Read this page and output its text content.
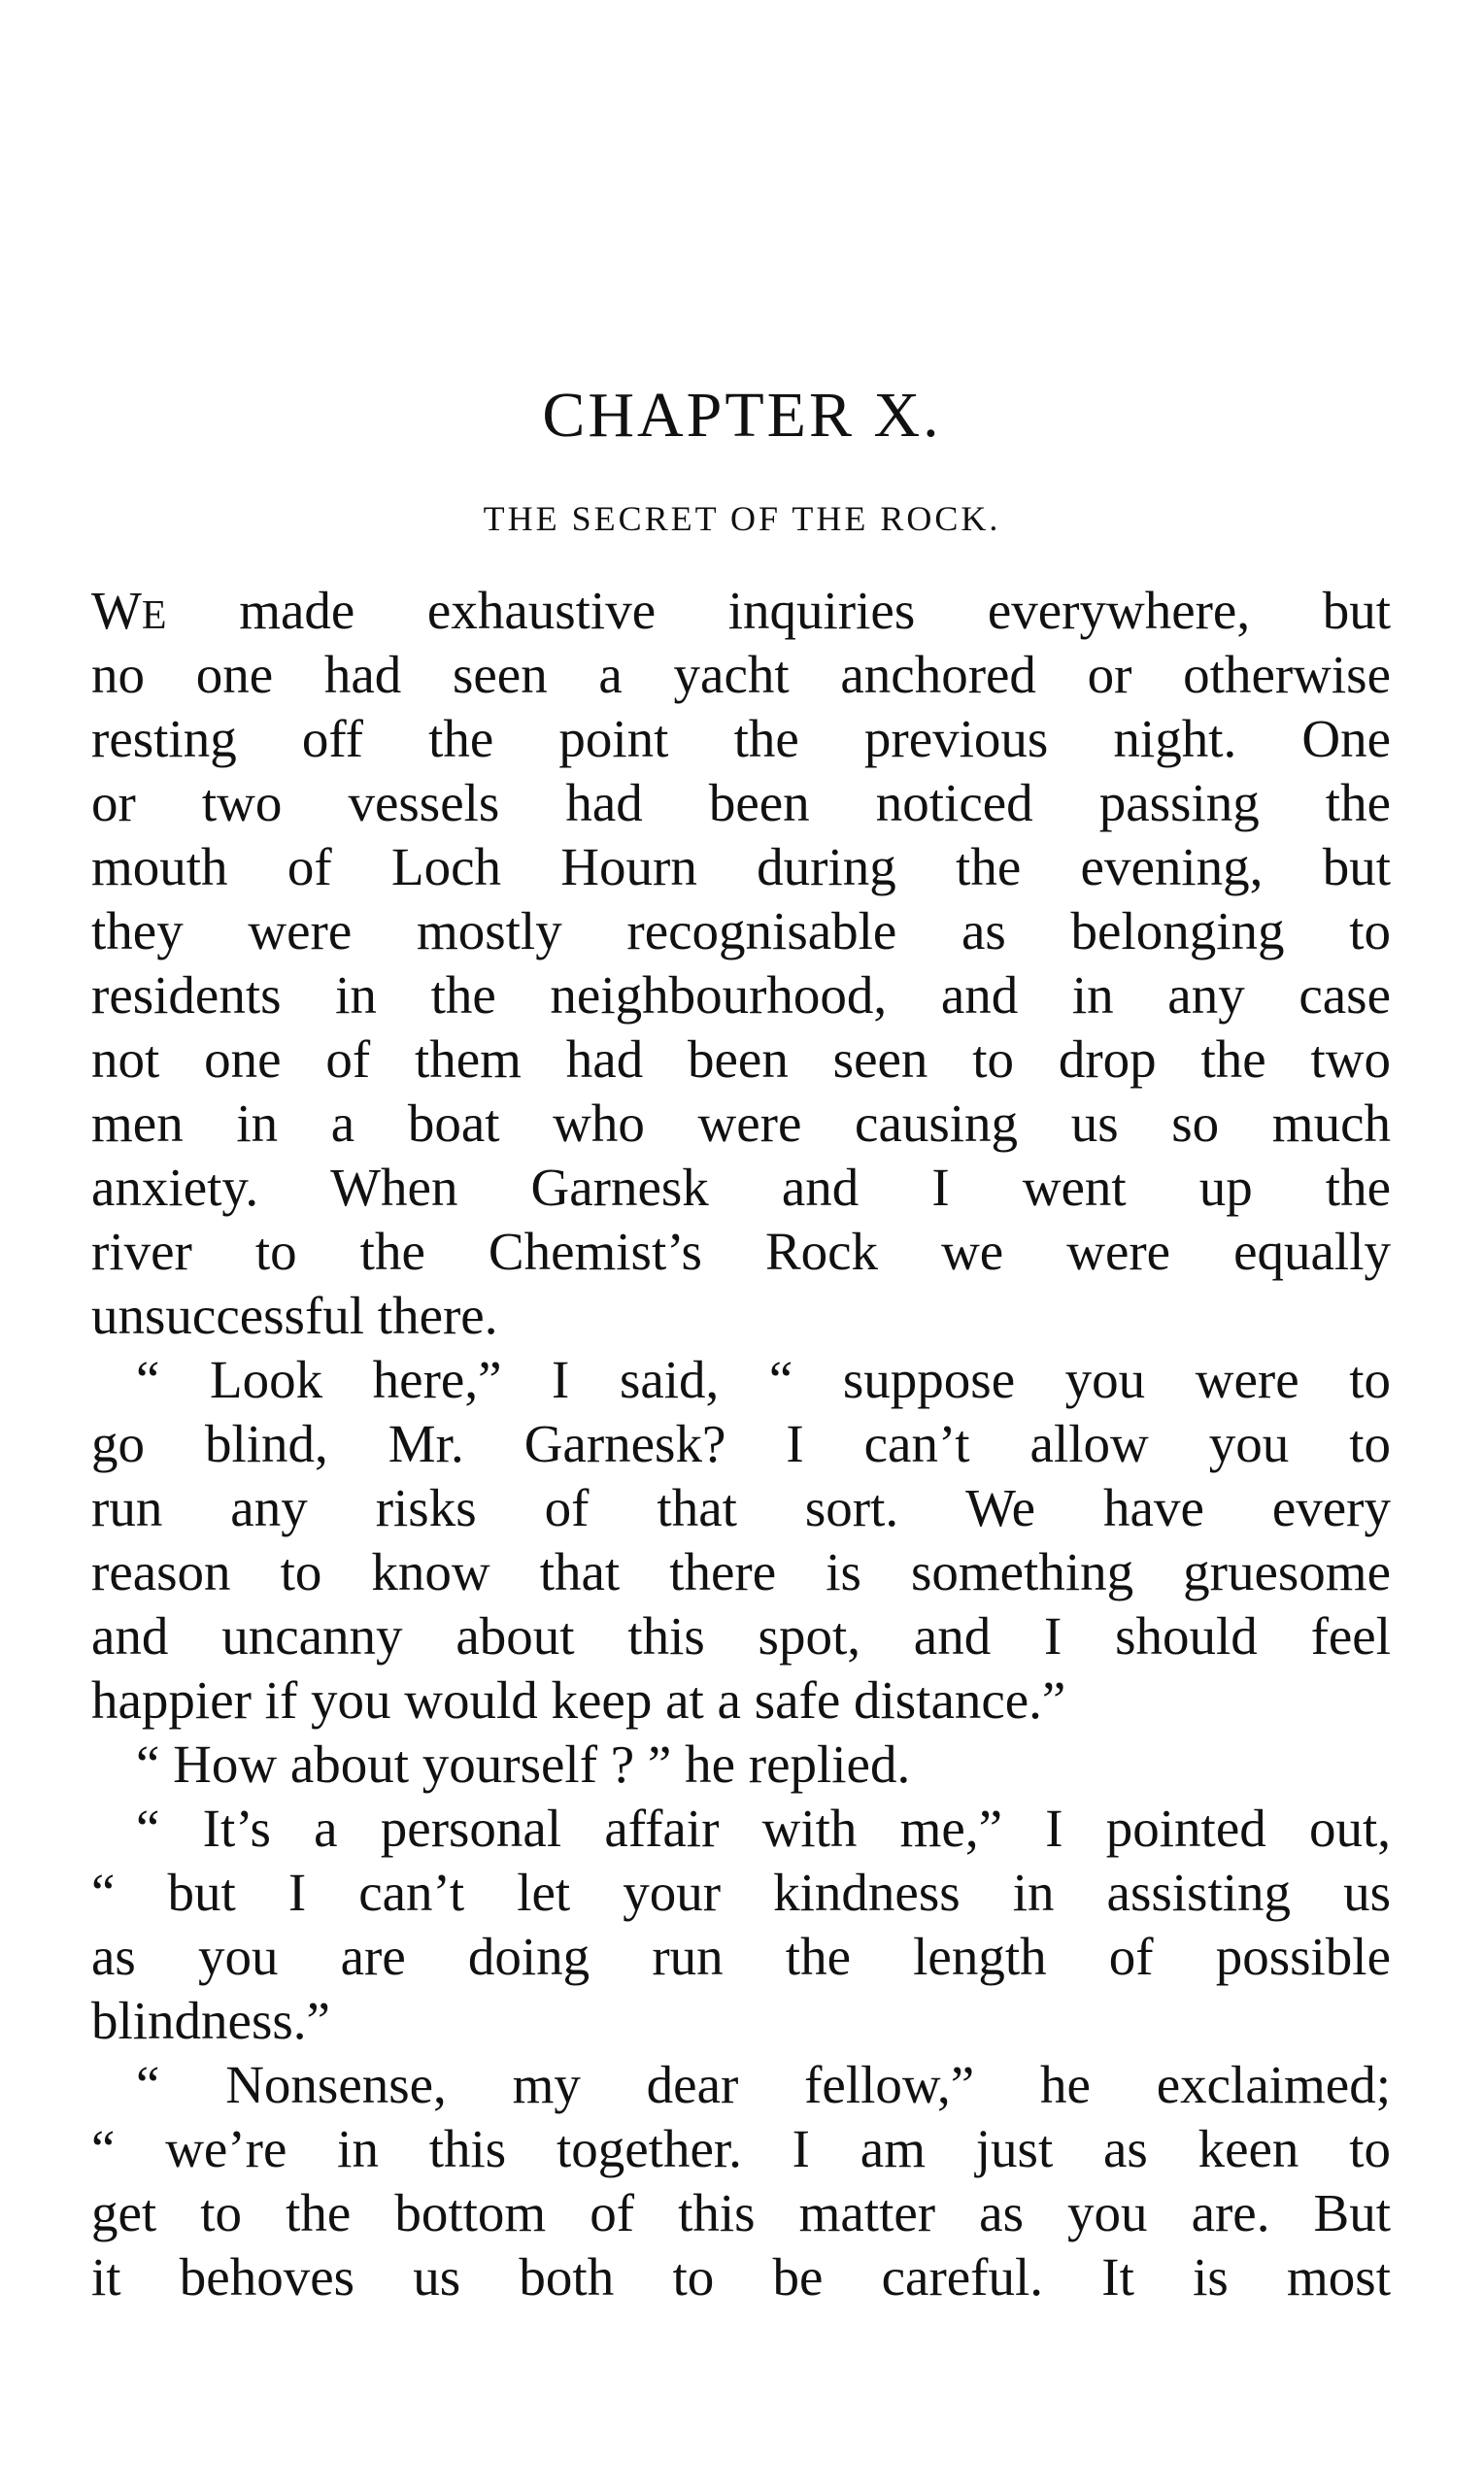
CHAPTER X.
THE SECRET OF THE ROCK.
WE made exhaustive inquiries everywhere, but
no one had seen a yacht anchored or otherwise
resting off the point the previous night. One
or two vessels had been noticed passing the
mouth of Loch Hourn during the evening, but
they were mostly recognisable as belonging to
residents in the neighbourhood, and in any case
not one of them had been seen to drop the two
men in a boat who were causing us so much
anxiety. When Garnesk and I went up the
river to the Chemist’s Rock we were equally
unsuccessful there.
“ Look here,” I said, “ suppose you were to
go blind, Mr. Garnesk? I can’t allow you to
run any risks of that sort. We have every
reason to know that there is something gruesome
and uncanny about this spot, and I should feel
happier if you would keep at a safe distance.”
“ How about yourself ? ” he replied.
“ It’s a personal affair with me,” I pointed out,
“ but I can’t let your kindness in assisting us
as you are doing run the length of possible
blindness.”
“ Nonsense, my dear fellow,” he exclaimed;
“ we’re in this together. I am just as keen to
get to the bottom of this matter as you are. But
it behoves us both to be careful. It is most
